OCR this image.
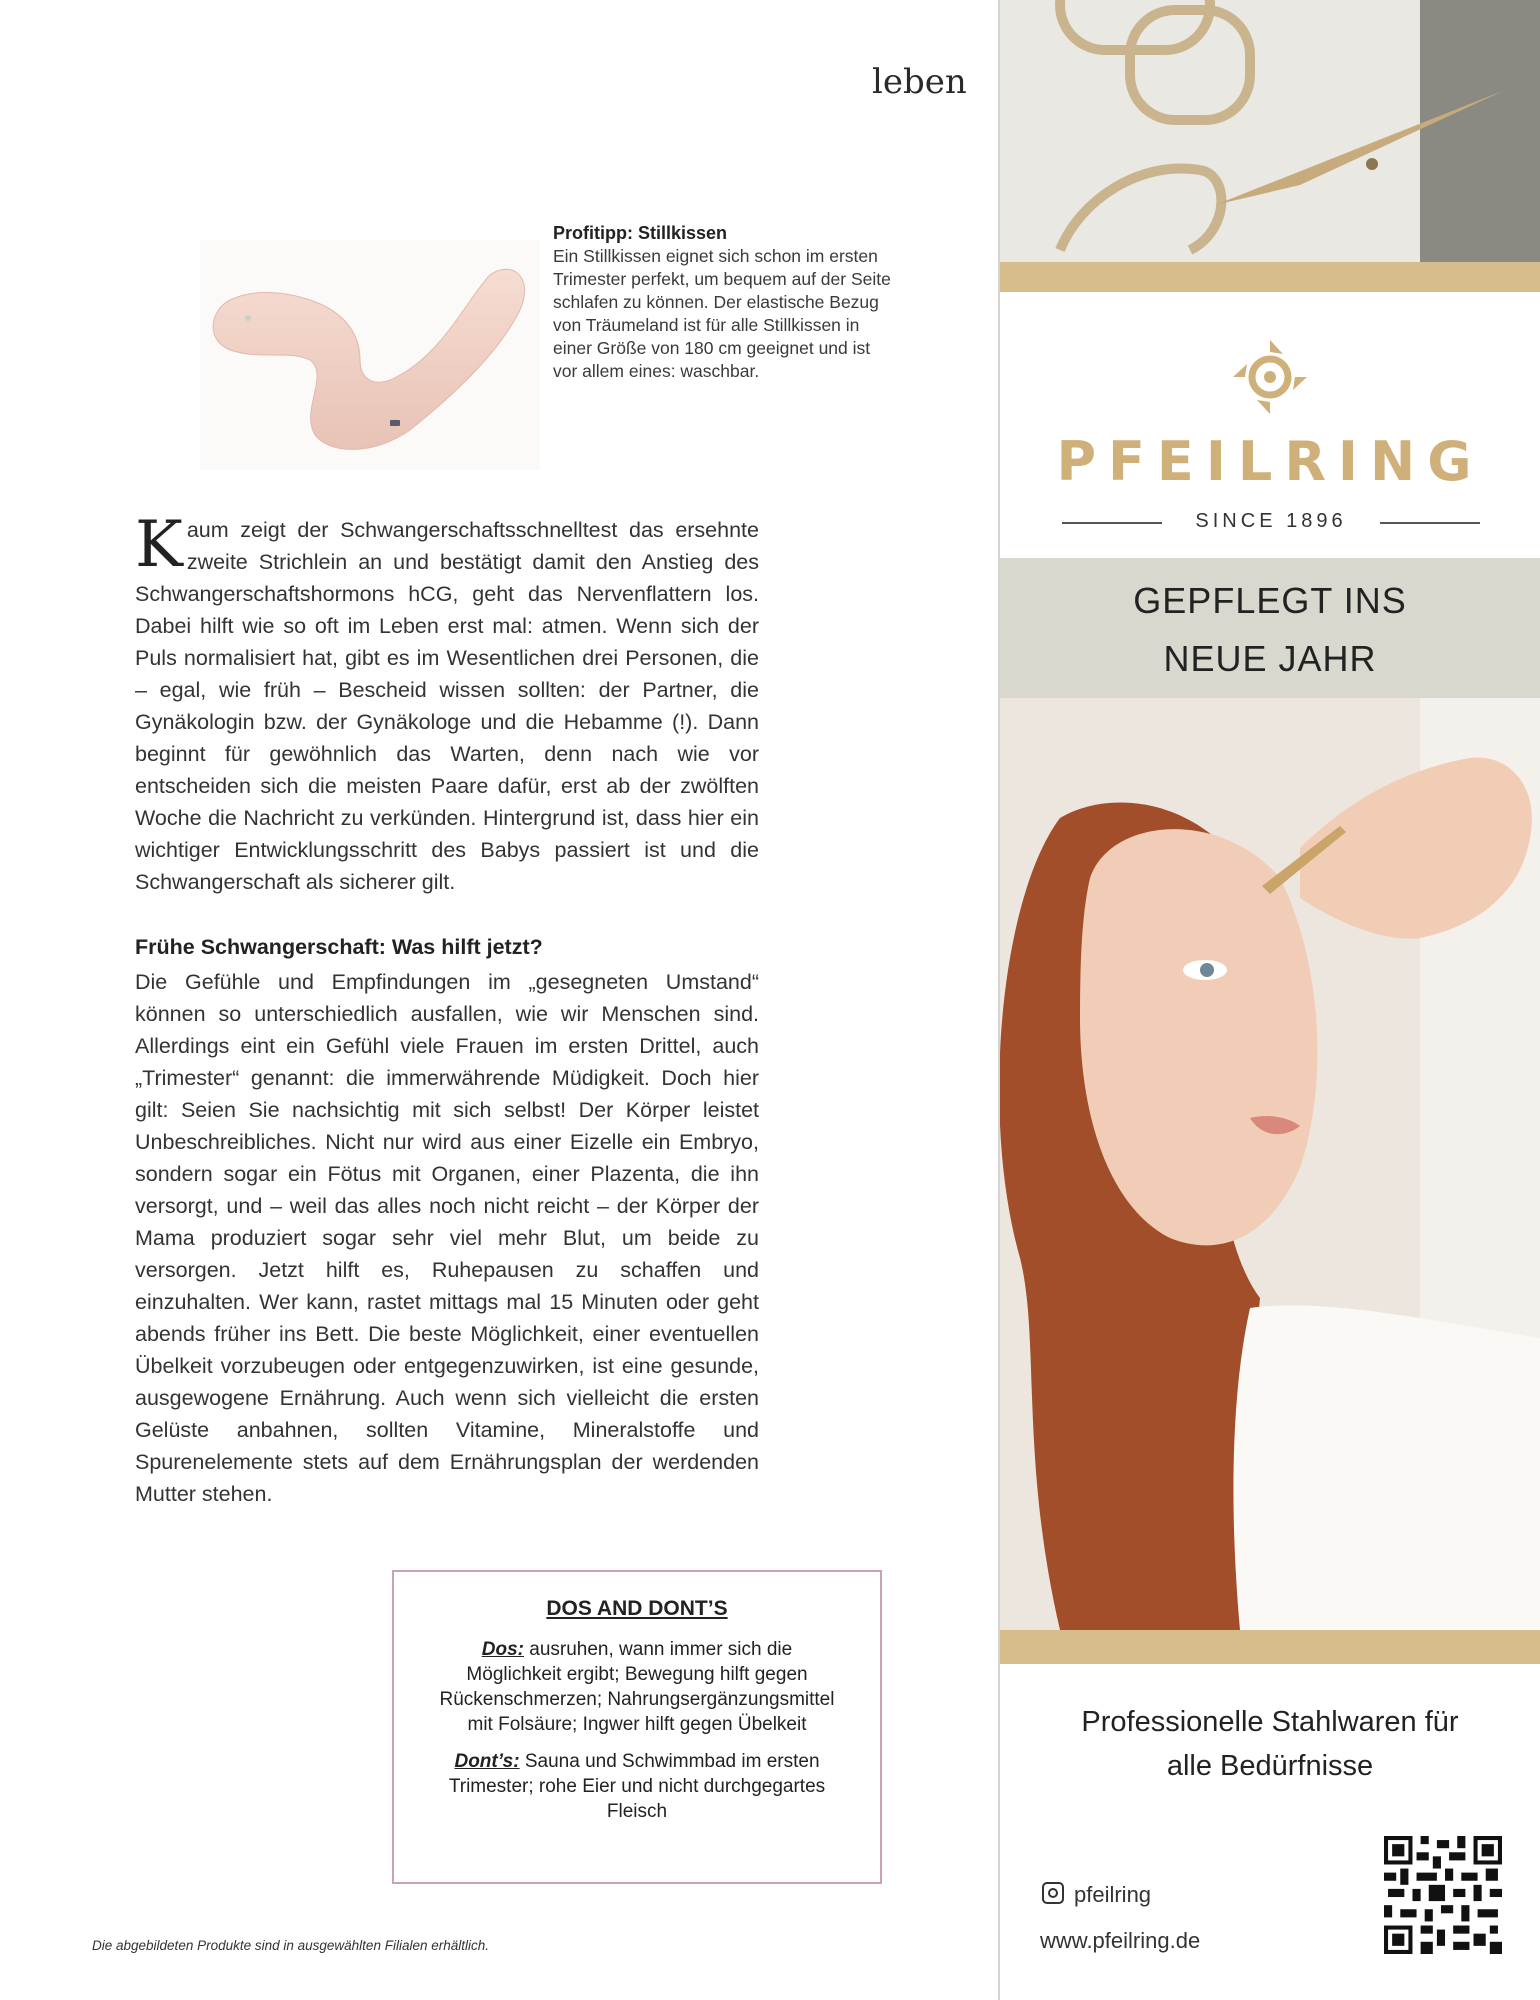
leben
Profitipp: Stillkissen
Ein Stillkissen eignet sich schon im ersten Trimester perfekt, um bequem auf der Seite schlafen zu können. Der elastische Bezug von Träumeland ist für alle Stillkissen in einer Größe von 180 cm geeignet und ist vor allem eines: waschbar.
Kaum zeigt der Schwangerschaftsschnelltest das ersehnte zweite Strichlein an und bestätigt damit den Anstieg des Schwangerschaftshormons hCG, geht das Nervenflattern los. Dabei hilft wie so oft im Leben erst mal: atmen. Wenn sich der Puls normalisiert hat, gibt es im Wesentlichen drei Personen, die – egal, wie früh – Bescheid wissen sollten: der Partner, die Gynäkologin bzw. der Gynäkologe und die Hebamme (!). Dann beginnt für gewöhnlich das Warten, denn nach wie vor entscheiden sich die meisten Paare dafür, erst ab der zwölften Woche die Nachricht zu verkünden. Hintergrund ist, dass hier ein wichtiger Entwicklungsschritt des Babys passiert ist und die Schwangerschaft als sicherer gilt.
Frühe Schwangerschaft: Was hilft jetzt?
Die Gefühle und Empfindungen im „gesegneten Umstand“ können so unterschiedlich ausfallen, wie wir Menschen sind. Allerdings eint ein Gefühl viele Frauen im ersten Drittel, auch „Trimester“ genannt: die immerwährende Müdigkeit. Doch hier gilt: Seien Sie nachsichtig mit sich selbst! Der Körper leistet Unbeschreibliches. Nicht nur wird aus einer Eizelle ein Embryo, sondern sogar ein Fötus mit Organen, einer Plazenta, die ihn versorgt, und – weil das alles noch nicht reicht – der Körper der Mama produziert sogar sehr viel mehr Blut, um beide zu versorgen. Jetzt hilft es, Ruhepausen zu schaffen und einzuhalten. Wer kann, rastet mittags mal 15 Minuten oder geht abends früher ins Bett. Die beste Möglichkeit, einer eventuellen Übelkeit vorzubeugen oder entgegenzuwirken, ist eine gesunde, ausgewogene Ernährung. Auch wenn sich vielleicht die ersten Gelüste anbahnen, sollten Vitamine, Mineralstoffe und Spurenelemente stets auf dem Ernährungsplan der werdenden Mutter stehen.
DOS AND DONT’S

Dos: ausruhen, wann immer sich die Möglichkeit ergibt; Bewegung hilft gegen Rückenschmerzen; Nahrungsergänzungsmittel mit Folsäure; Ingwer hilft gegen Übelkeit

Dont’s: Sauna und Schwimmbad im ersten Trimester; rohe Eier und nicht durchgegartes Fleisch

Die abgebildeten Produkte sind in ausgewählten Filialen erhältlich.
PFEILRING
SINCE 1896
GEPFLEGT INS
NEUE JAHR
Professionelle Stahlwaren für
alle Bedürfnisse
pfeilring
www.pfeilring.de
